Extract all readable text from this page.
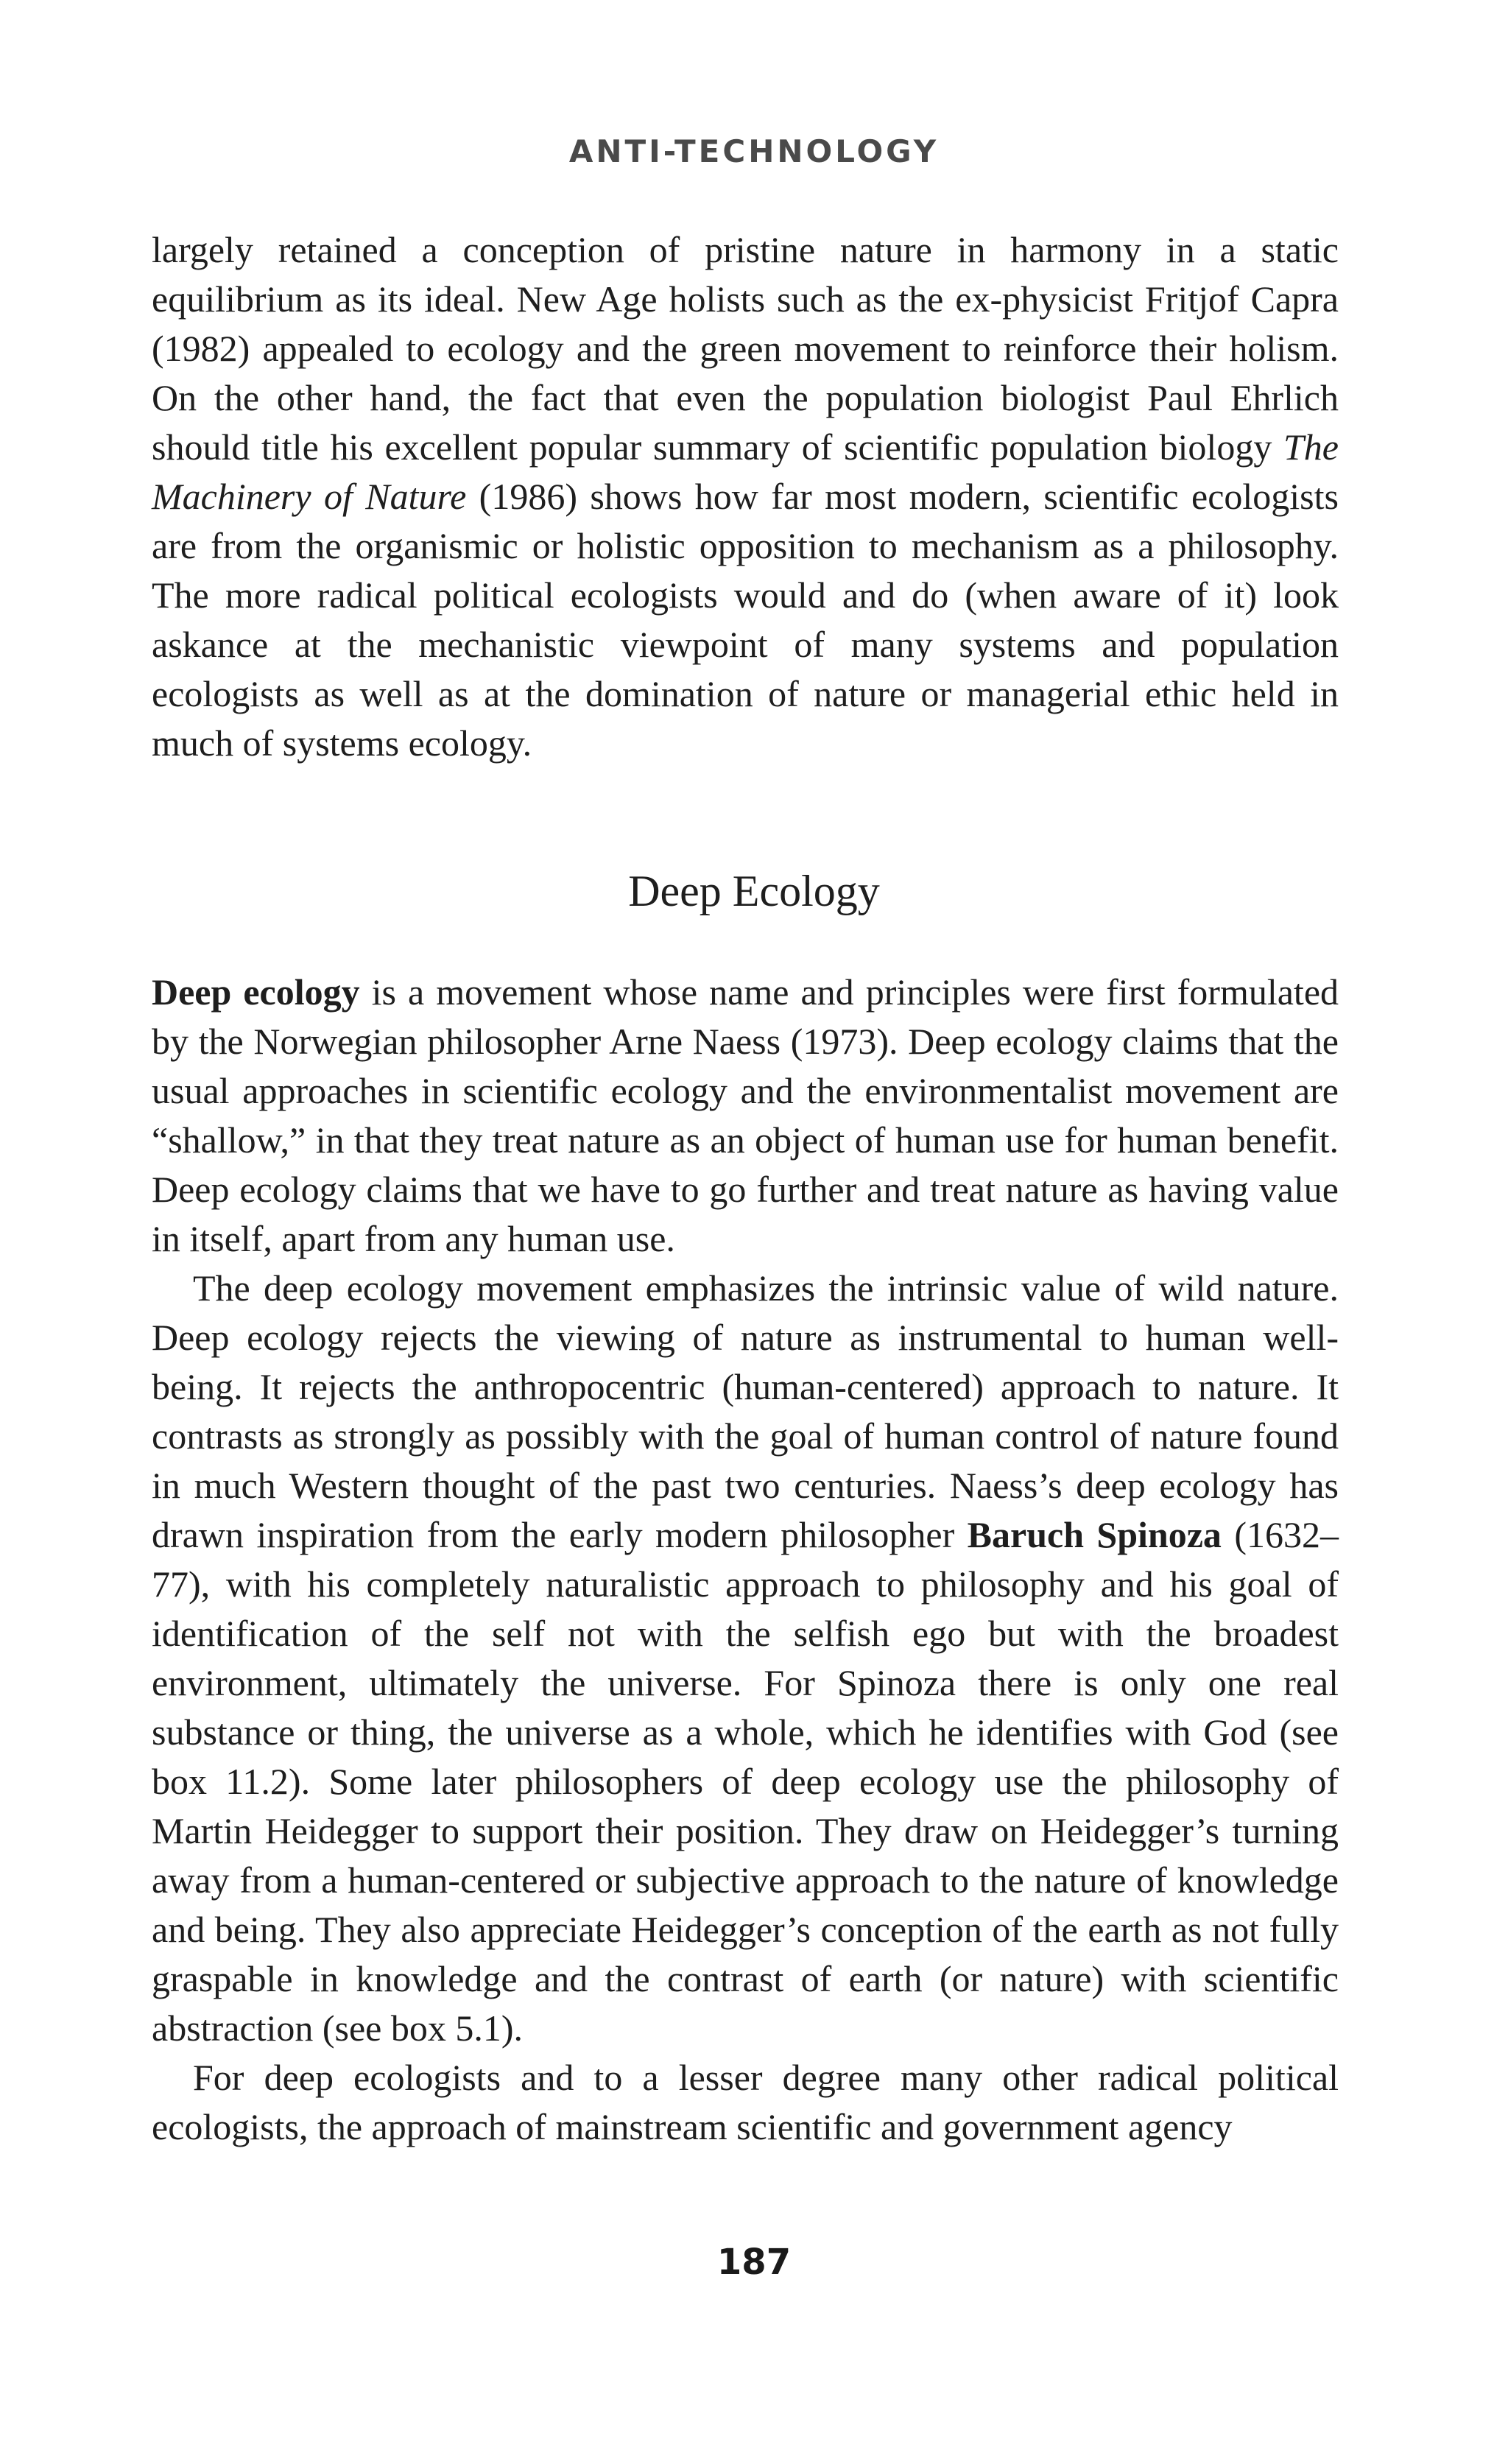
ANTI-TECHNOLOGY

largely retained a conception of pristine nature in harmony in a static equilibrium as its ideal. New Age holists such as the ex-physicist Fritjof Capra (1982) appealed to ecology and the green movement to reinforce their holism. On the other hand, the fact that even the population biologist Paul Ehrlich should title his excellent popular summary of scientific population biology The Machinery of Nature (1986) shows how far most modern, scientific ecologists are from the organismic or holistic opposition to mechanism as a philosophy. The more radical political ecologists would and do (when aware of it) look askance at the mechanistic viewpoint of many systems and population ecologists as well as at the domination of nature or managerial ethic held in much of systems ecology.

Deep Ecology

Deep ecology is a movement whose name and principles were first formulated by the Norwegian philosopher Arne Naess (1973). Deep ecology claims that the usual approaches in scientific ecology and the environmentalist movement are “shallow,” in that they treat nature as an object of human use for human benefit. Deep ecology claims that we have to go further and treat nature as having value in itself, apart from any human use.

The deep ecology movement emphasizes the intrinsic value of wild nature. Deep ecology rejects the viewing of nature as instrumental to human well-being. It rejects the anthropocentric (human-centered) approach to nature. It contrasts as strongly as possibly with the goal of human control of nature found in much Western thought of the past two centuries. Naess’s deep ecology has drawn inspiration from the early modern philosopher Baruch Spinoza (1632–77), with his completely naturalistic approach to philosophy and his goal of identification of the self not with the selfish ego but with the broadest environment, ultimately the universe. For Spinoza there is only one real substance or thing, the universe as a whole, which he identifies with God (see box 11.2). Some later philosophers of deep ecology use the philosophy of Martin Heidegger to support their position. They draw on Heidegger’s turning away from a human-centered or subjective approach to the nature of knowledge and being. They also appreciate Heidegger’s conception of the earth as not fully graspable in knowledge and the contrast of earth (or nature) with scientific abstraction (see box 5.1).

For deep ecologists and to a lesser degree many other radical political ecologists, the approach of mainstream scientific and government agency

187
